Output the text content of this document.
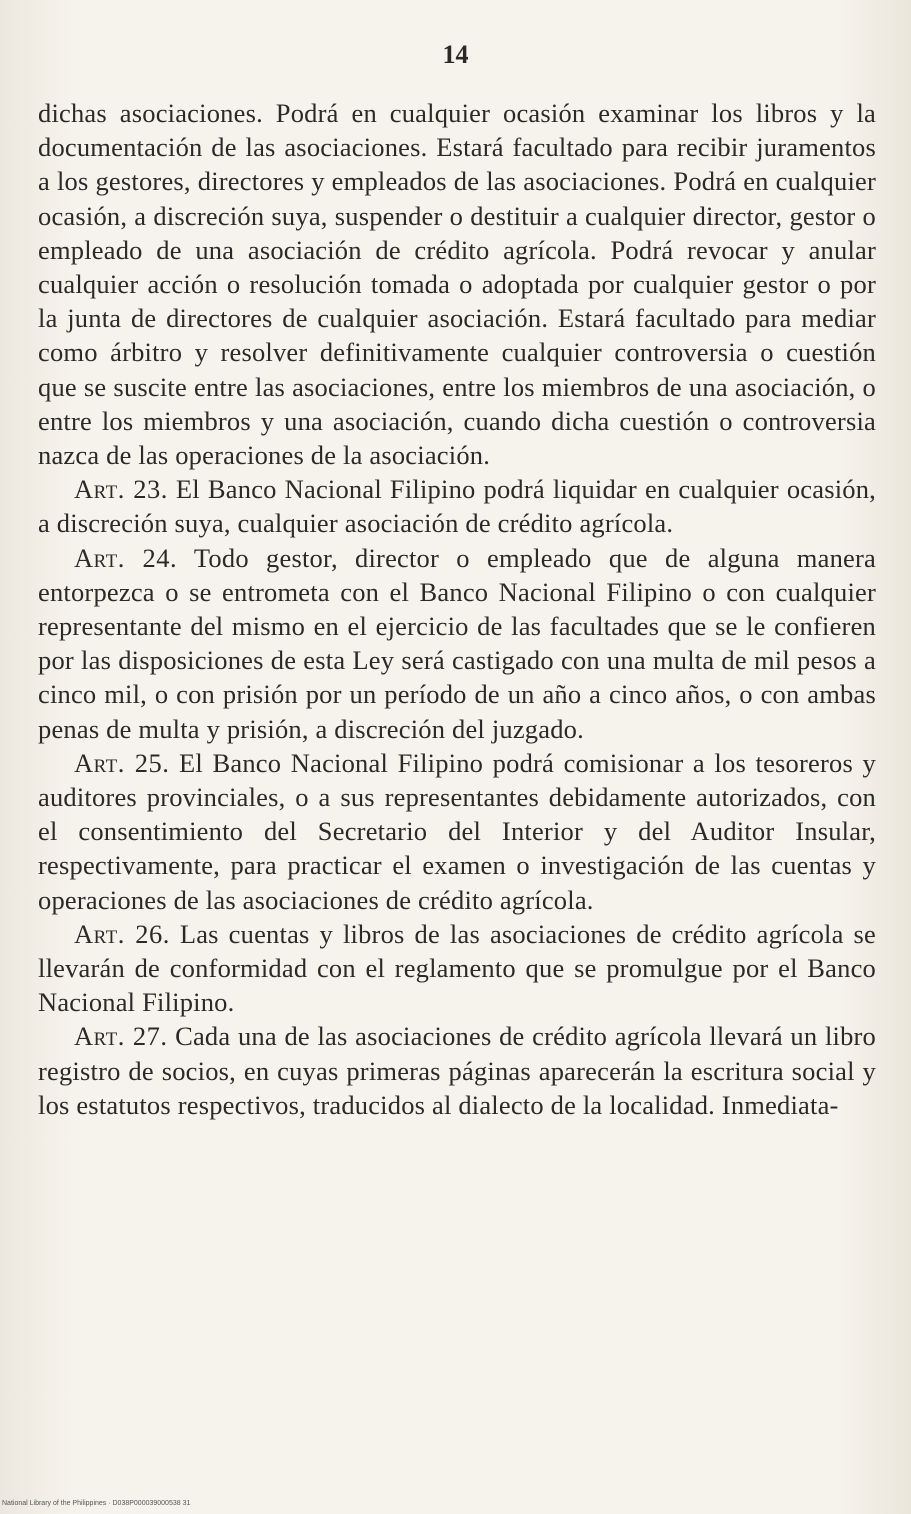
14

dichas asociaciones. Podrá en cualquier ocasión examinar los libros y la documentación de las asociaciones. Estará facultado para recibir juramentos a los gestores, directores y empleados de las asociaciones. Podrá en cualquier ocasión, a discreción suya, suspender o destituir a cualquier director, gestor o empleado de una asociación de crédito agrícola. Podrá revocar y anular cualquier acción o resolución tomada o adoptada por cualquier gestor o por la junta de directores de cualquier asociación. Estará facultado para mediar como árbitro y resolver definitivamente cualquier controversia o cuestión que se suscite entre las asociaciones, entre los miembros de una asociación, o entre los miembros y una asociación, cuando dicha cuestión o controversia nazca de las operaciones de la asociación.

Art. 23. El Banco Nacional Filipino podrá liquidar en cualquier ocasión, a discreción suya, cualquier asociación de crédito agrícola.

Art. 24. Todo gestor, director o empleado que de alguna manera entorpezca o se entrometa con el Banco Nacional Filipino o con cualquier representante del mismo en el ejercicio de las facultades que se le confieren por las disposiciones de esta Ley será castigado con una multa de mil pesos a cinco mil, o con prisión por un período de un año a cinco años, o con ambas penas de multa y prisión, a discreción del juzgado.

Art. 25. El Banco Nacional Filipino podrá comisionar a los tesoreros y auditores provinciales, o a sus representantes debidamente autorizados, con el consentimiento del Secretario del Interior y del Auditor Insular, respectivamente, para practicar el examen o investigación de las cuentas y operaciones de las asociaciones de crédito agrícola.

Art. 26. Las cuentas y libros de las asociaciones de crédito agrícola se llevarán de conformidad con el reglamento que se promulgue por el Banco Nacional Filipino.

Art. 27. Cada una de las asociaciones de crédito agrícola llevará un libro registro de socios, en cuyas primeras páginas aparecerán la escritura social y los estatutos respectivos, traducidos al dialecto de la localidad. Inmediata-

National Library of the Philippines · D038P000039000538 31
